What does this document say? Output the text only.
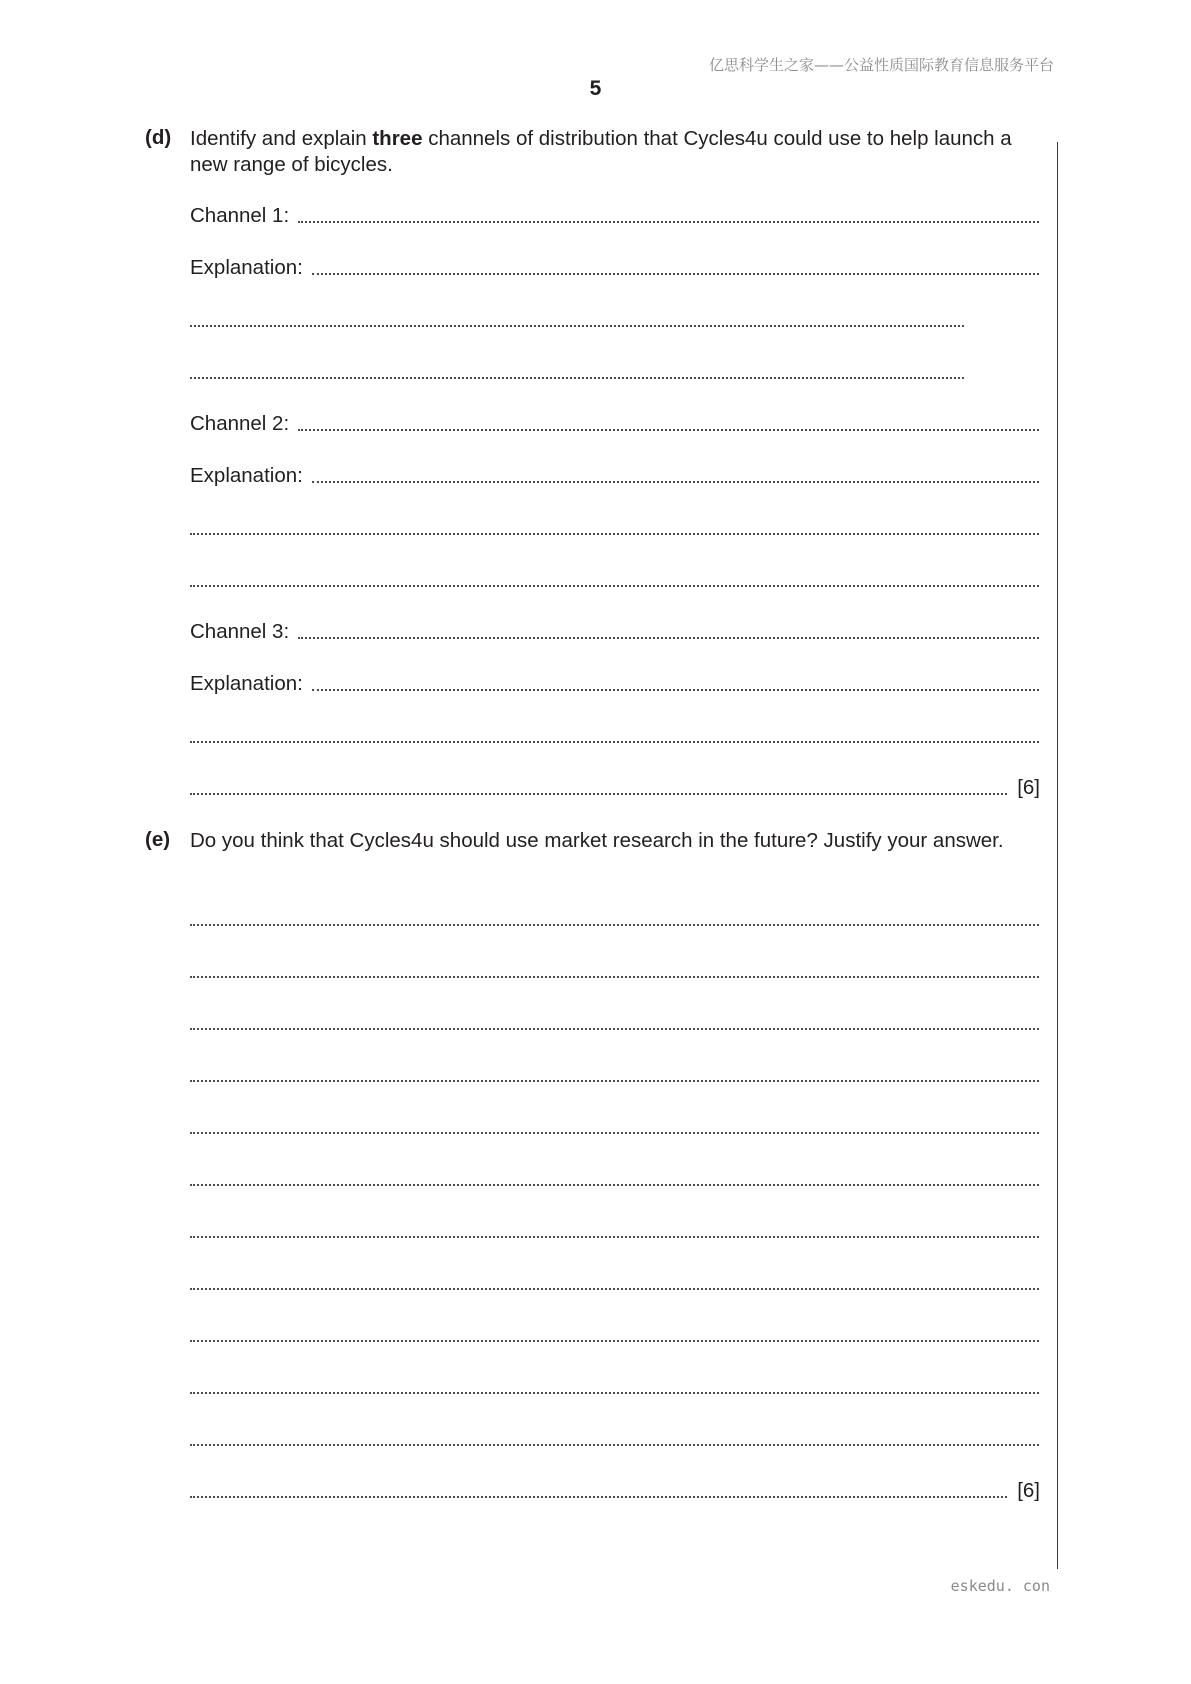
亿思科学生之家——公益性质国际教育信息服务平台
5
(d) Identify and explain three channels of distribution that Cycles4u could use to help launch a new range of bicycles.
Channel 1:
Explanation:
Channel 2:
Explanation:
Channel 3:
Explanation:
[6]
(e) Do you think that Cycles4u should use market research in the future? Justify your answer.
[6]
eskedu. con
